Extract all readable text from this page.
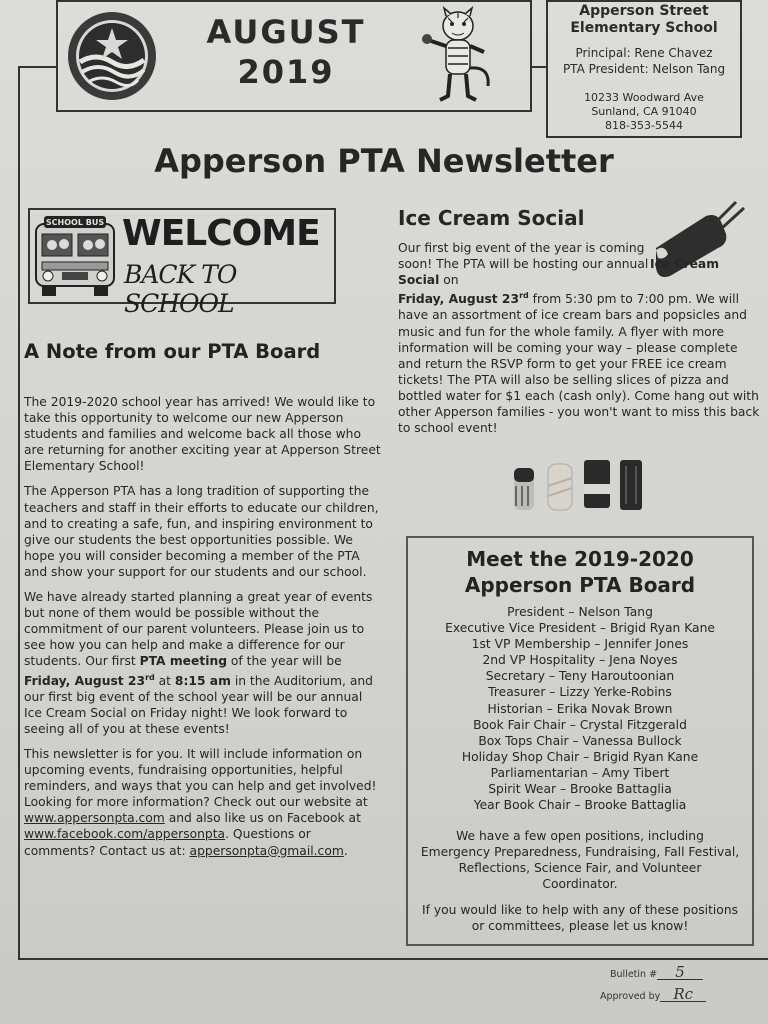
AUGUST
2019
Apperson Street
Elementary School
Principal: Rene Chavez
PTA President: Nelson Tang
10233 Woodward Ave
Sunland, CA 91040
818-353-5544
Apperson PTA Newsletter
SCHOOL BUS WELCOME
BACK TO SCHOOL
A Note from our PTA Board

The 2019-2020 school year has arrived! We would like to take this opportunity to welcome our new Apperson students and families and welcome back all those who are returning for another exciting year at Apperson Street Elementary School!

The Apperson PTA has a long tradition of supporting the teachers and staff in their efforts to educate our children, and to creating a safe, fun, and inspiring environment to give our students the best opportunities possible. We hope you will consider becoming a member of the PTA and show your support for our students and our school.

We have already started planning a great year of events but none of them would be possible without the commitment of our parent volunteers. Please join us to see how you can help and make a difference for our students. Our first PTA meeting of the year will be Friday, August 23rd at 8:15 am in the Auditorium, and our first big event of the school year will be our annual Ice Cream Social on Friday night! We look forward to seeing all of you at these events!

This newsletter is for you. It will include information on upcoming events, fundraising opportunities, helpful reminders, and ways that you can help and get involved! Looking for more information? Check out our website at www.appersonpta.com and also like us on Facebook at www.facebook.com/appersonpta. Questions or comments? Contact us at: appersonpta@gmail.com.

Ice Cream Social

Our first big event of the year is coming soon! The PTA will be hosting our annualIce Cream Social on
Friday, August 23rd from 5:30 pm to 7:00 pm. We will have an assortment of ice cream bars and popsicles and music and fun for the whole family. A flyer with more information will be coming your way – please complete and return the RSVP form to get your FREE ice cream tickets! The PTA will also be selling slices of pizza and bottled water for $1 each (cash only). Come hang out with other Apperson families - you won't want to miss this back to school event!

Meet the 2019-2020
Apperson PTA Board
President – Nelson Tang
Executive Vice President – Brigid Ryan Kane
1st VP Membership – Jennifer Jones
2nd VP Hospitality – Jena Noyes
Secretary – Teny Haroutoonian
Treasurer – Lizzy Yerke-Robins
Historian – Erika Novak Brown
Book Fair Chair – Crystal Fitzgerald
Box Tops Chair – Vanessa Bullock
Holiday Shop Chair – Brigid Ryan Kane
Parliamentarian – Amy Tibert
Spirit Wear – Brooke Battaglia
Year Book Chair – Brooke Battaglia
We have a few open positions, including Emergency Preparedness, Fundraising, Fall Festival, Reflections, Science Fair, and Volunteer Coordinator.
If you would like to help with any of these positions or committees, please let us know!
Bulletin # 5
Approved by Rc
